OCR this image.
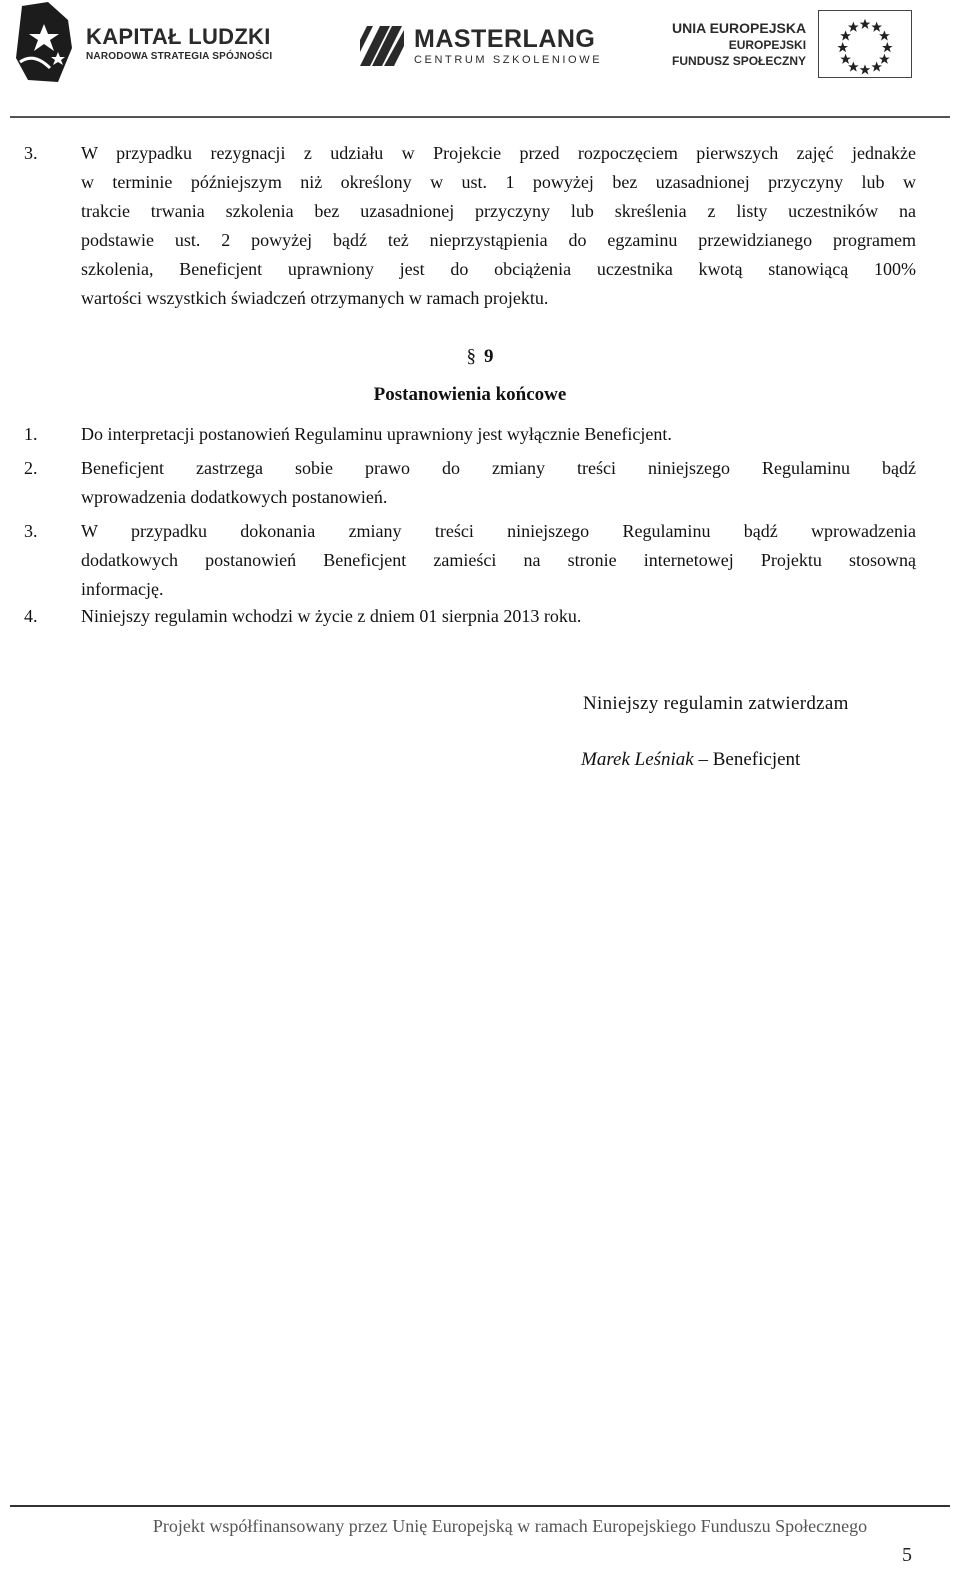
KAPITAŁ LUDZKI
NARODOWA STRATEGIA SPÓJNOŚCI
MASTERLANG
CENTRUM SZKOLENIOWE
UNIA EUROPEJSKA
EUROPEJSKI
FUNDUSZ SPOŁECZNY
3. W przypadku rezygnacji z udziału w Projekcie przed rozpoczęciem pierwszych zajęć jednakże
w terminie późniejszym niż określony w ust. 1 powyżej bez uzasadnionej przyczyny lub w
trakcie trwania szkolenia bez uzasadnionej przyczyny lub skreślenia z listy uczestników na
podstawie ust. 2 powyżej bądź też nieprzystąpienia do egzaminu przewidzianego programem
szkolenia, Beneficjent uprawniony jest do obciążenia uczestnika kwotą stanowiącą 100%
wartości wszystkich świadczeń otrzymanych w ramach projektu.
§ 9
Postanowienia końcowe
1. Do interpretacji postanowień Regulaminu uprawniony jest wyłącznie Beneficjent.
2. Beneficjent zastrzega sobie prawo do zmiany treści niniejszego Regulaminu bądź
wprowadzenia dodatkowych postanowień.
3. W przypadku dokonania zmiany treści niniejszego Regulaminu bądź wprowadzenia
dodatkowych postanowień Beneficjent zamieści na stronie internetowej Projektu stosowną
informację.
4. Niniejszy regulamin wchodzi w życie z dniem 01 sierpnia 2013 roku.
Niniejszy regulamin zatwierdzam
Marek Leśniak – Beneficjent
Projekt współfinansowany przez Unię Europejską w ramach Europejskiego Funduszu Społecznego
5
